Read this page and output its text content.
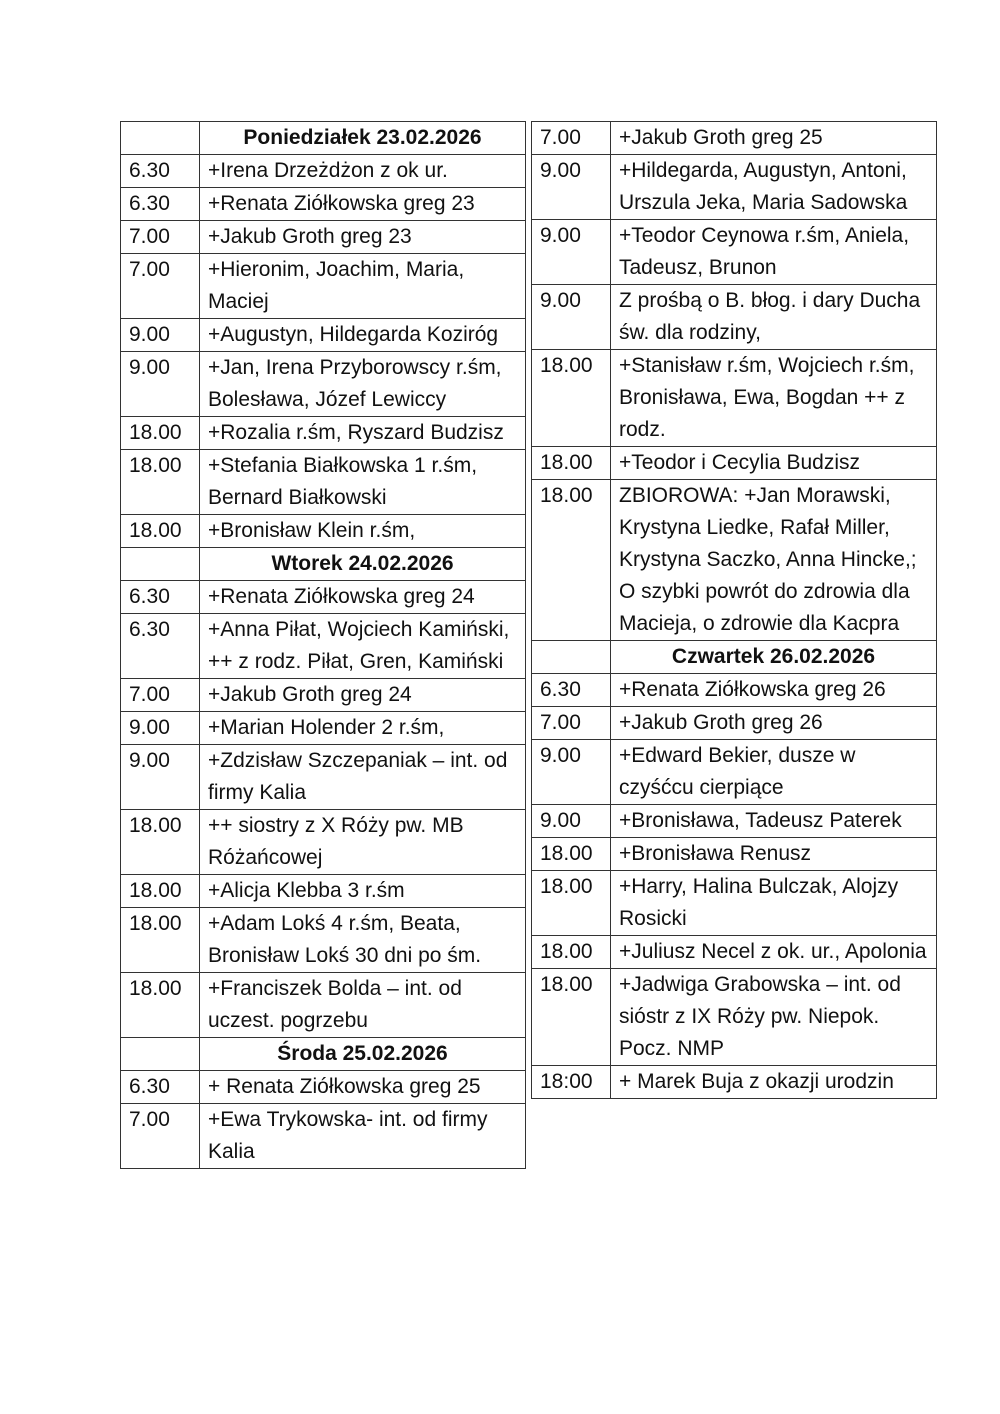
	Poniedziałek 23.02.2026
6.30	+Irena Drzeżdżon z ok ur.
6.30	+Renata Ziółkowska greg 23
7.00	+Jakub Groth greg 23
7.00	+Hieronim, Joachim, Maria, Maciej
9.00	+Augustyn, Hildegarda Koziróg
9.00	+Jan, Irena Przyborowscy r.śm, Bolesława, Józef Lewiccy
18.00	+Rozalia r.śm, Ryszard Budzisz
18.00	+Stefania Białkowska 1 r.śm, Bernard Białkowski
18.00	+Bronisław Klein r.śm,
	Wtorek 24.02.2026
6.30	+Renata Ziółkowska greg 24
6.30	+Anna Piłat, Wojciech Kamiński, ++ z rodz. Piłat, Gren, Kamiński
7.00	+Jakub Groth greg 24
9.00	+Marian Holender 2 r.śm,
9.00	+Zdzisław Szczepaniak – int. od firmy Kalia
18.00	++ siostry z X Róży pw. MB Różańcowej
18.00	+Alicja Klebba 3 r.śm
18.00	+Adam Lokś 4 r.śm, Beata, Bronisław Lokś 30 dni po śm.
18.00	+Franciszek Bolda – int. od uczest. pogrzebu
	Środa 25.02.2026
6.30	+ Renata Ziółkowska greg 25
7.00	+Ewa Trykowska- int. od firmy Kalia
7.00	+Jakub Groth greg 25
9.00	+Hildegarda, Augustyn, Antoni, Urszula Jeka, Maria Sadowska
9.00	+Teodor Ceynowa r.śm, Aniela, Tadeusz, Brunon
9.00	Z prośbą o B. błog. i dary Ducha św. dla rodziny,
18.00	+Stanisław r.śm, Wojciech r.śm, Bronisława, Ewa, Bogdan ++ z rodz.
18.00	+Teodor i Cecylia Budzisz
18.00	ZBIOROWA: +Jan Morawski, Krystyna Liedke, Rafał Miller, Krystyna Saczko, Anna Hincke,; O szybki powrót do zdrowia dla Macieja, o zdrowie dla Kacpra
	Czwartek 26.02.2026
6.30	+Renata Ziółkowska greg 26
7.00	+Jakub Groth greg 26
9.00	+Edward Bekier, dusze w czyśćcu cierpiące
9.00	+Bronisława, Tadeusz Paterek
18.00	+Bronisława Renusz
18.00	+Harry, Halina Bulczak, Alojzy Rosicki
18.00	+Juliusz Necel z ok. ur., Apolonia
18.00	+Jadwiga Grabowska – int. od sióstr z IX Róży pw. Niepok. Pocz. NMP
18:00	+ Marek Buja z okazji urodzin
